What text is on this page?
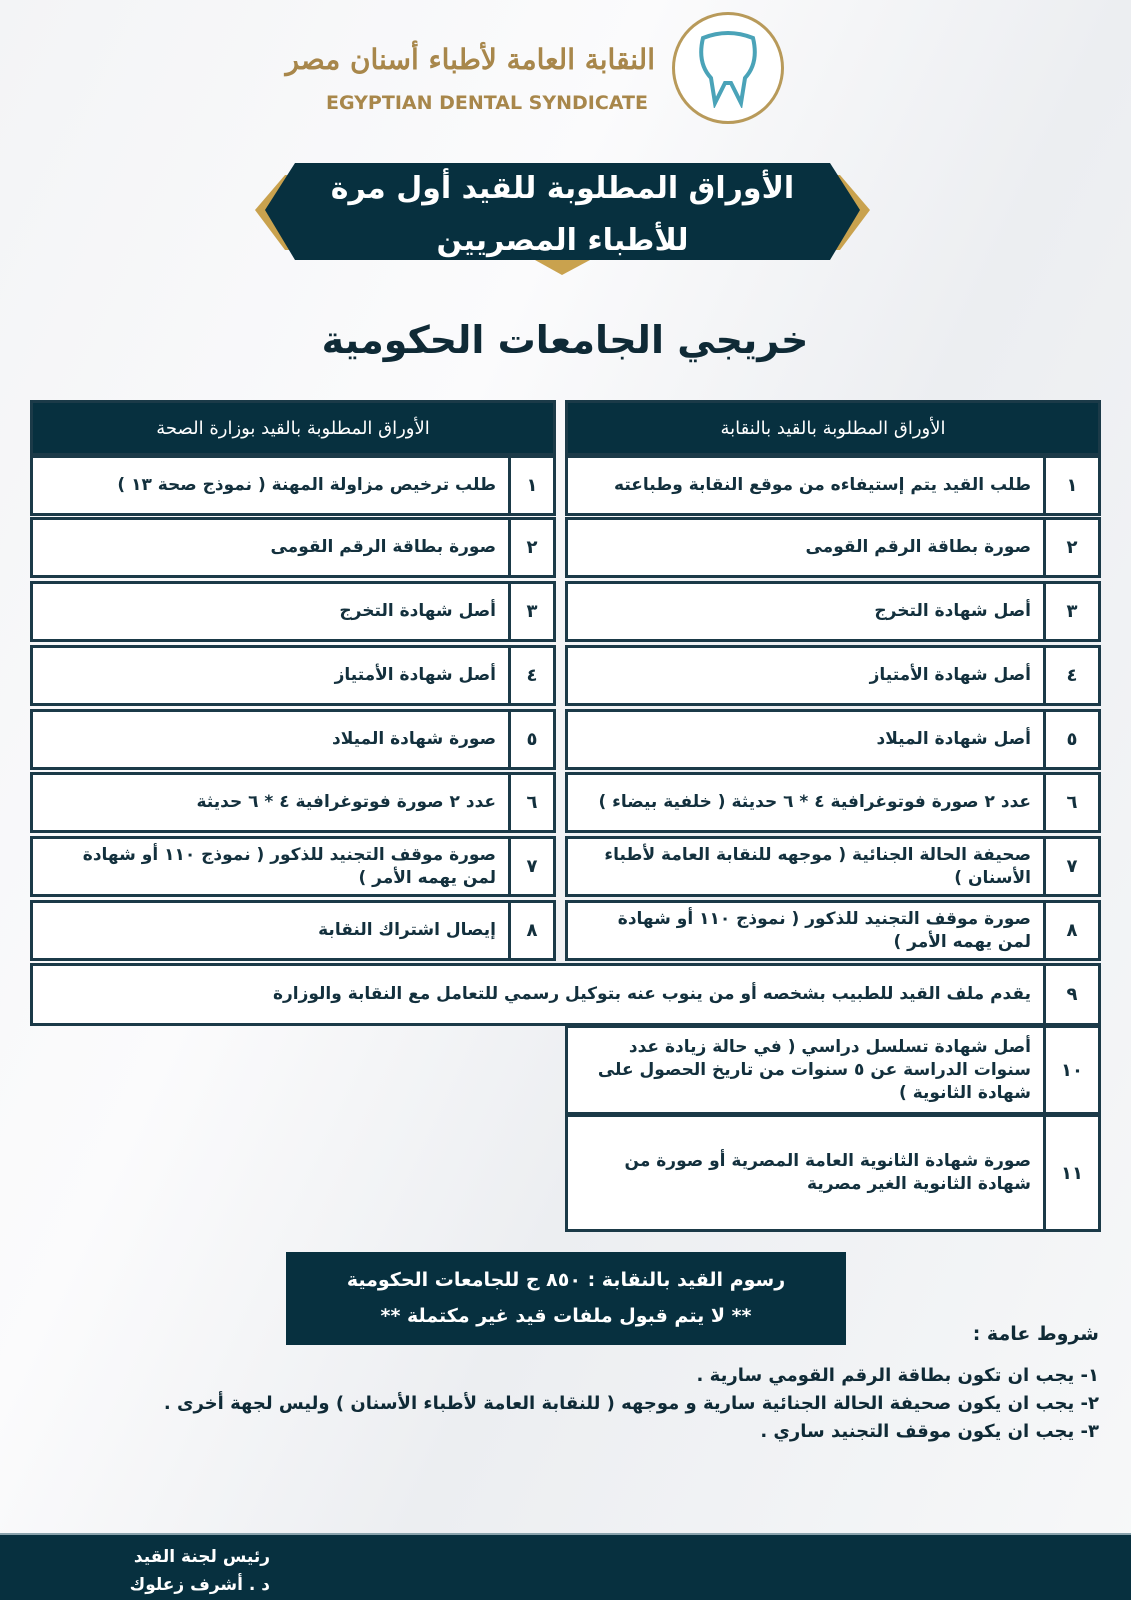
النقابة العامة لأطباء أسنان مصر
EGYPTIAN DENTAL SYNDICATE
الأوراق المطلوبة للقيد أول مرة
للأطباء المصريين
خريجي الجامعات الحكومية
الأوراق المطلوبة بالقيد بالنقابة
الأوراق المطلوبة بالقيد بوزارة الصحة
١
طلب القيد يتم إستيفاءه من موقع النقابة وطباعته
١
طلب ترخيص مزاولة المهنة ( نموذج صحة ١٣ )
٢
صورة بطاقة الرقم القومى
٢
صورة بطاقة الرقم القومى
٣
أصل شهادة التخرج
٣
أصل شهادة التخرج
٤
أصل شهادة الأمتياز
٤
أصل شهادة الأمتياز
٥
أصل شهادة الميلاد
٥
صورة شهادة الميلاد
٦
عدد ٢ صورة فوتوغرافية ٤ * ٦ حديثة ( خلفية بيضاء )
٦
عدد ٢ صورة فوتوغرافية ٤ * ٦ حديثة
٧
صحيفة الحالة الجنائية ( موجهه للنقابة العامة لأطباء الأسنان )
٧
صورة موقف التجنيد للذكور ( نموذج ١١٠ أو شهادة لمن يهمه الأمر )
٨
صورة موقف التجنيد للذكور ( نموذج ١١٠ أو شهادة لمن يهمه الأمر )
٨
إيصال اشتراك النقابة
٩
يقدم ملف القيد للطبيب بشخصه أو من ينوب عنه بتوكيل رسمي للتعامل مع النقابة والوزارة
١٠
أصل شهادة تسلسل دراسي ( في حالة زيادة عدد سنوات الدراسة عن ٥ سنوات من تاريخ الحصول على شهادة الثانوية )
١١
صورة شهادة الثانوية العامة المصرية أو صورة من شهادة الثانوية الغير مصرية
رسوم القيد بالنقابة : ٨٥٠ ج للجامعات الحكومية
** لا يتم قبول ملفات قيد غير مكتملة **
شروط عامة :
١- يجب ان تكون بطاقة الرقم القومي سارية .
٢- يجب ان يكون صحيفة الحالة الجنائية سارية و موجهه ( للنقابة العامة لأطباء الأسنان ) وليس لجهة أخرى .
٣- يجب ان يكون موقف التجنيد ساري .
رئيس لجنة القيد
د . أشرف زعلوك
